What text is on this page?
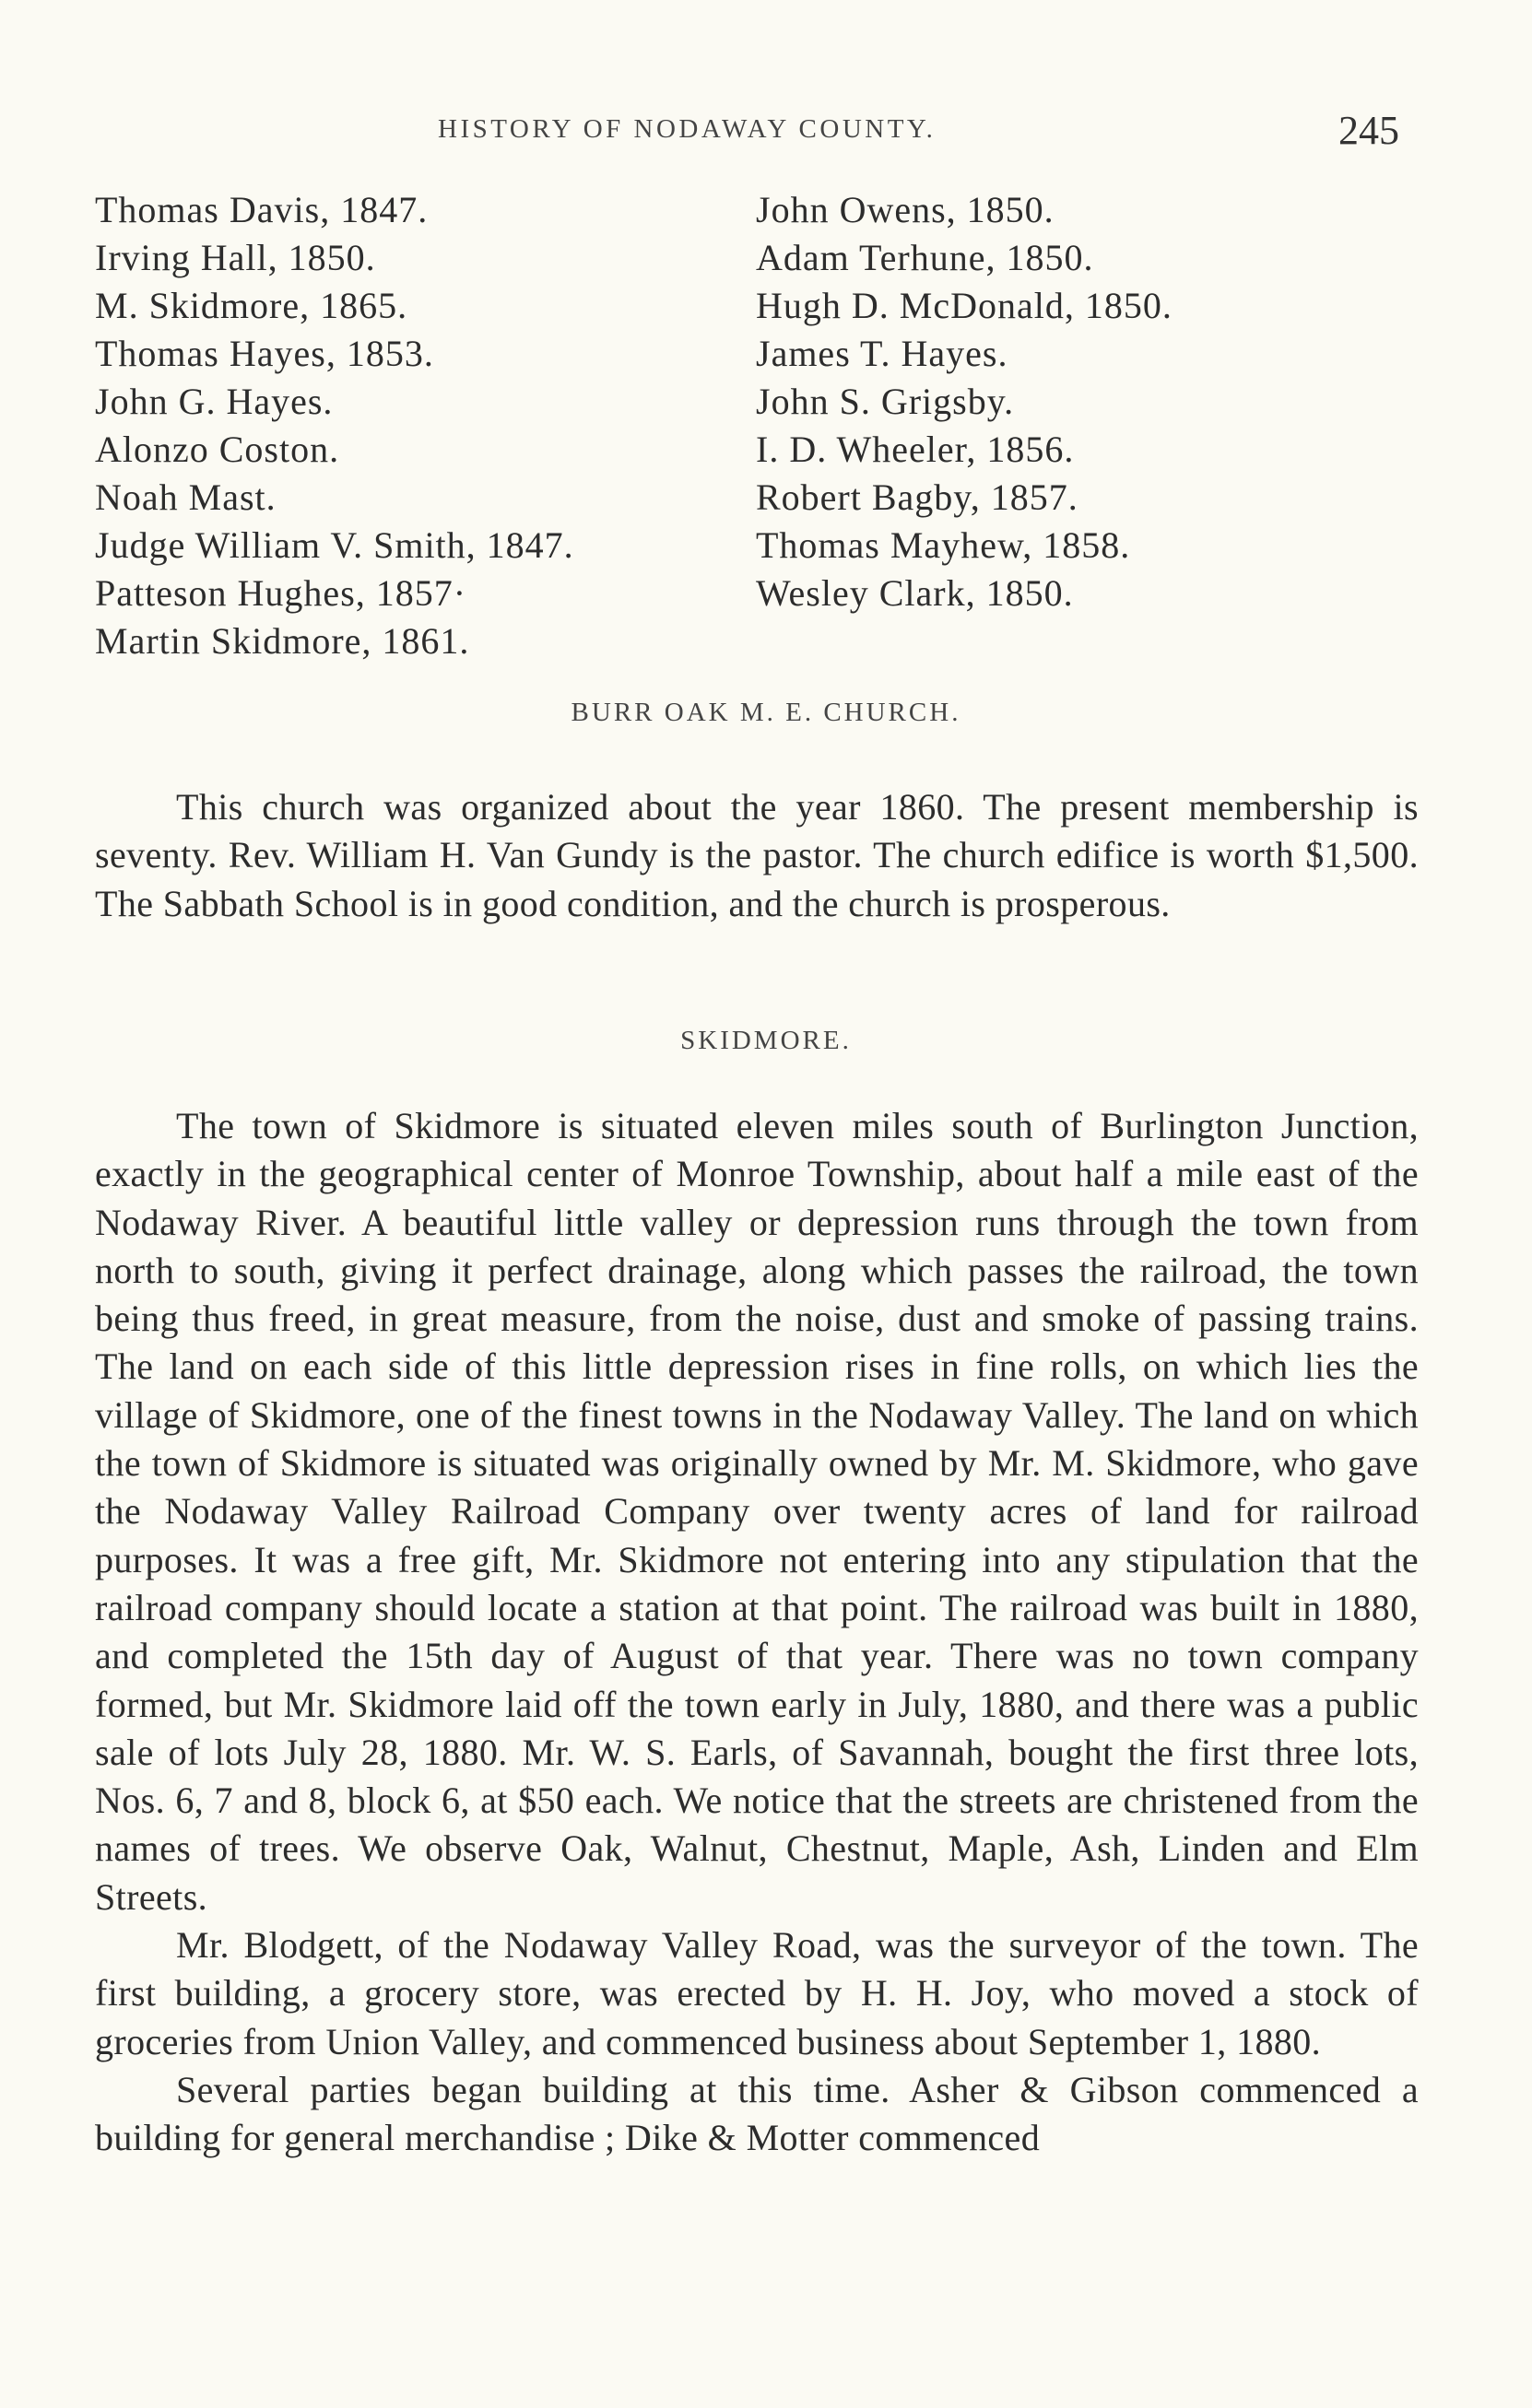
HISTORY OF NODAWAY COUNTY.	245
Thomas Davis, 1847.
Irving Hall, 1850.
M. Skidmore, 1865.
Thomas Hayes, 1853.
John G. Hayes.
Alonzo Coston.
Noah Mast.
Judge William V. Smith, 1847.
Patteson Hughes, 1857·
Martin Skidmore, 1861.
John Owens, 1850.
Adam Terhune, 1850.
Hugh D. McDonald, 1850.
James T. Hayes.
John S. Grigsby.
I. D. Wheeler, 1856.
Robert Bagby, 1857.
Thomas Mayhew, 1858.
Wesley Clark, 1850.
BURR OAK M. E. CHURCH.

This church was organized about the year 1860. The present membership is seventy. Rev. William H. Van Gundy is the pastor. The church edifice is worth $1,500. The Sabbath School is in good condition, and the church is prosperous.

SKIDMORE.

The town of Skidmore is situated eleven miles south of Burlington Junction, exactly in the geographical center of Monroe Township, about half a mile east of the Nodaway River. A beautiful little valley or depression runs through the town from north to south, giving it perfect drainage, along which passes the railroad, the town being thus freed, in great measure, from the noise, dust and smoke of passing trains. The land on each side of this little depression rises in fine rolls, on which lies the village of Skidmore, one of the finest towns in the Nodaway Valley. The land on which the town of Skidmore is situated was originally owned by Mr. M. Skidmore, who gave the Nodaway Valley Railroad Company over twenty acres of land for railroad purposes. It was a free gift, Mr. Skidmore not entering into any stipulation that the railroad company should locate a station at that point. The railroad was built in 1880, and completed the 15th day of August of that year. There was no town company formed, but Mr. Skidmore laid off the town early in July, 1880, and there was a public sale of lots July 28, 1880. Mr. W. S. Earls, of Savannah, bought the first three lots, Nos. 6, 7 and 8, block 6, at $50 each. We notice that the streets are christened from the names of trees. We observe Oak, Walnut, Chestnut, Maple, Ash, Linden and Elm Streets.

Mr. Blodgett, of the Nodaway Valley Road, was the surveyor of the town. The first building, a grocery store, was erected by H. H. Joy, who moved a stock of groceries from Union Valley, and commenced business about September 1, 1880.

Several parties began building at this time. Asher & Gibson commenced a building for general merchandise ; Dike & Motter commenced
